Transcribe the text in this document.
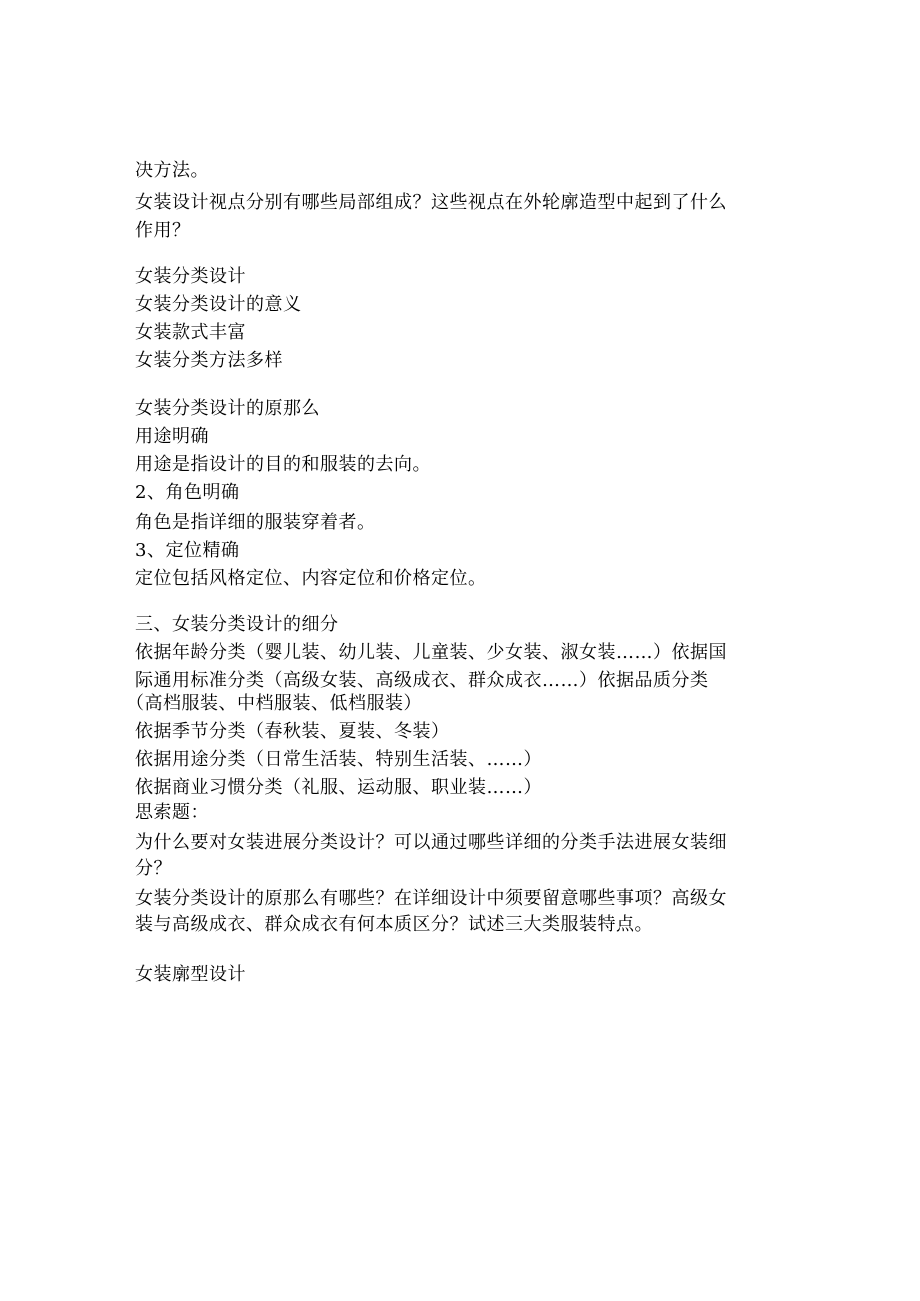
决方法。
女装设计视点分别有哪些局部组成？这些视点在外轮廓造型中起到了什么
作用？
女装分类设计
女装分类设计的意义
女装款式丰富
女装分类方法多样
女装分类设计的原那么
用途明确
用途是指设计的目的和服装的去向。
2、角色明确
角色是指详细的服装穿着者。
3、定位精确
定位包括风格定位、内容定位和价格定位。
三、女装分类设计的细分
依据年龄分类（婴儿装、幼儿装、儿童装、少女装、淑女装……）依据国
际通用标准分类（高级女装、高级成衣、群众成衣……）依据品质分类
（高档服装、中档服装、低档服装）
依据季节分类（春秋装、夏装、冬装）
依据用途分类（日常生活装、特别生活装、……）
依据商业习惯分类（礼服、运动服、职业装……）
思索题：
为什么要对女装进展分类设计？可以通过哪些详细的分类手法进展女装细
分？
女装分类设计的原那么有哪些？在详细设计中须要留意哪些事项？高级女
装与高级成衣、群众成衣有何本质区分？试述三大类服装特点。
女装廓型设计
